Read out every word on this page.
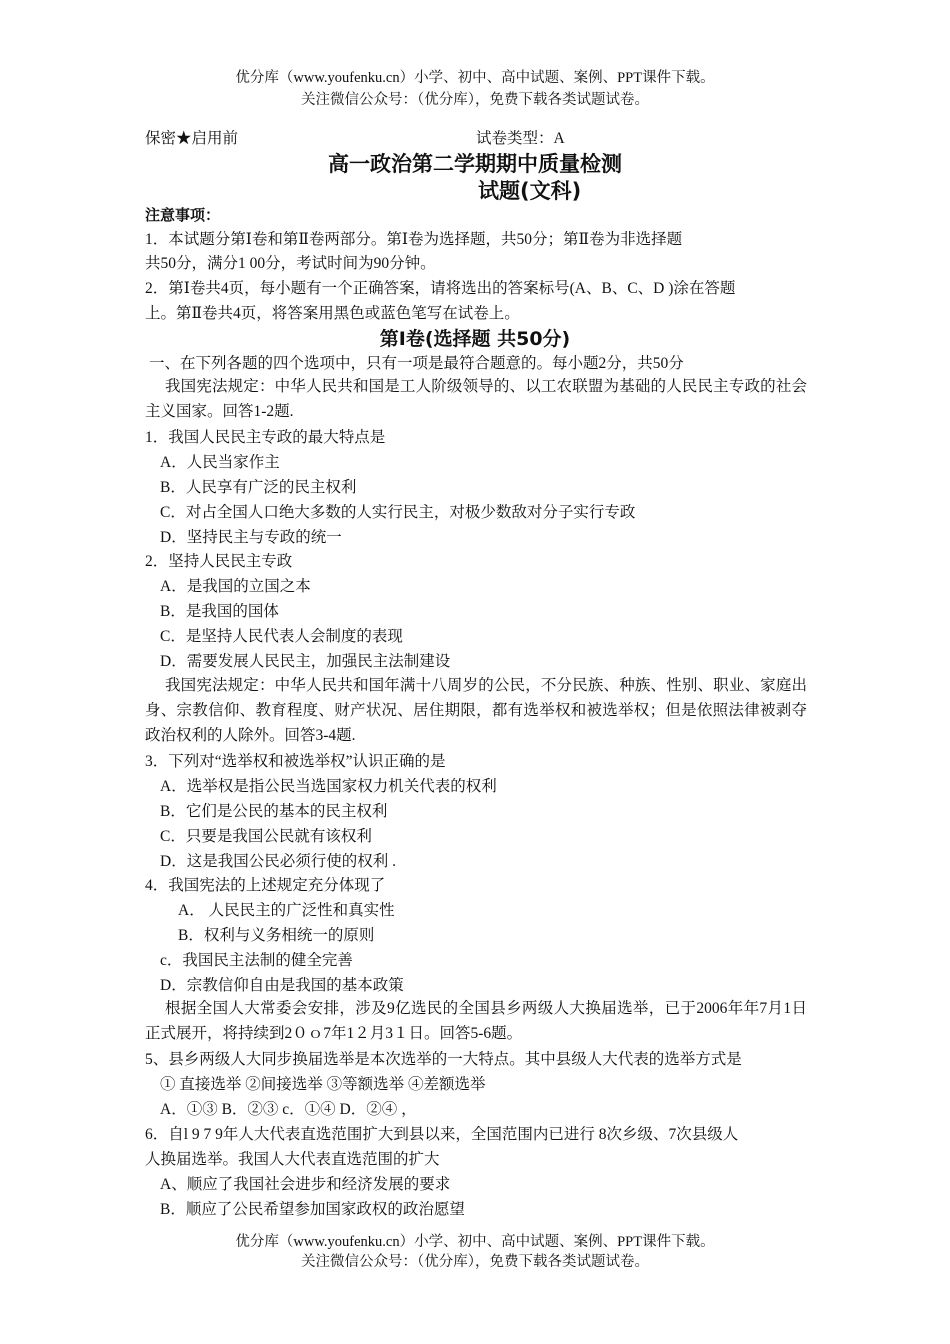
优分库（www.youfenku.cn）小学、初中、高中试题、案例、PPT课件下载。
关注微信公众号：（优分库），免费下载各类试题试卷。
保密★启用前	试卷类型：A
高一政治第二学期期中质量检测
试题(文科)
注意事项：
1．本试题分第Ⅰ卷和第Ⅱ卷两部分。第Ⅰ卷为选择题，共50分；第Ⅱ卷为非选择题
共50分，满分1 00分，考试时间为90分钟。
2．第Ⅰ卷共4页，每小题有一个正确答案，请将选出的答案标号(A、B、C、D )涂在答题
上。第Ⅱ卷共4页，将答案用黑色或蓝色笔写在试卷上。
第Ⅰ卷(选择题 共50分)
一、在下列各题的四个选项中，只有一项是最符合题意的。每小题2分，共50分
我国宪法规定：中华人民共和国是工人阶级领导的、以工农联盟为基础的人民民主专政的社会主义国家。回答1-2题.
1．我国人民民主专政的最大特点是
A．人民当家作主
B．人民享有广泛的民主权利
C．对占全国人口绝大多数的人实行民主，对极少数敌对分子实行专政
D．坚持民主与专政的统一
2．坚持人民民主专政
A．是我国的立国之本
B．是我国的国体
C．是坚持人民代表人会制度的表现
D．需要发展人民民主，加强民主法制建设
我国宪法规定：中华人民共和国年满十八周岁的公民，不分民族、种族、性别、职业、家庭出身、宗教信仰、教育程度、财产状况、居住期限，都有选举权和被选举权；但是依照法律被剥夺政治权利的人除外。回答3-4题.
3．下列对“选举权和被选举权”认识正确的是
A．选举权是指公民当选国家权力机关代表的权利
B．它们是公民的基本的民主权利
C．只要是我国公民就有该权利
D．这是我国公民必须行使的权利 .
4．我国宪法的上述规定充分体现了
A． 人民民主的广泛性和真实性
B．权利与义务相统一的原则
c．我国民主法制的健全完善
D．宗教信仰自由是我国的基本政策
根据全国人大常委会安排，涉及9亿选民的全国县乡两级人大换届选举，已于2006年年7月1日正式展开，将持续到2０ｏ7年1２月3１日。回答5-6题。
5、县乡两级人大同步换届选举是本次选举的一大特点。其中县级人大代表的选举方式是
① 直接选举 ②间接选举 ③等额选举 ④差额选举
A．①③ B．②③ c．①④ D．②④ ，
6．自l 9 7 9年人大代表直选范围扩大到县以来，全国范围内已进行 8次乡级、7次县级人
人换届选举。我国人大代表直选范围的扩大
A、顺应了我国社会进步和经济发展的要求
B．顺应了公民希望参加国家政权的政治愿望
优分库（www.youfenku.cn）小学、初中、高中试题、案例、PPT课件下载。
关注微信公众号：（优分库），免费下载各类试题试卷。
